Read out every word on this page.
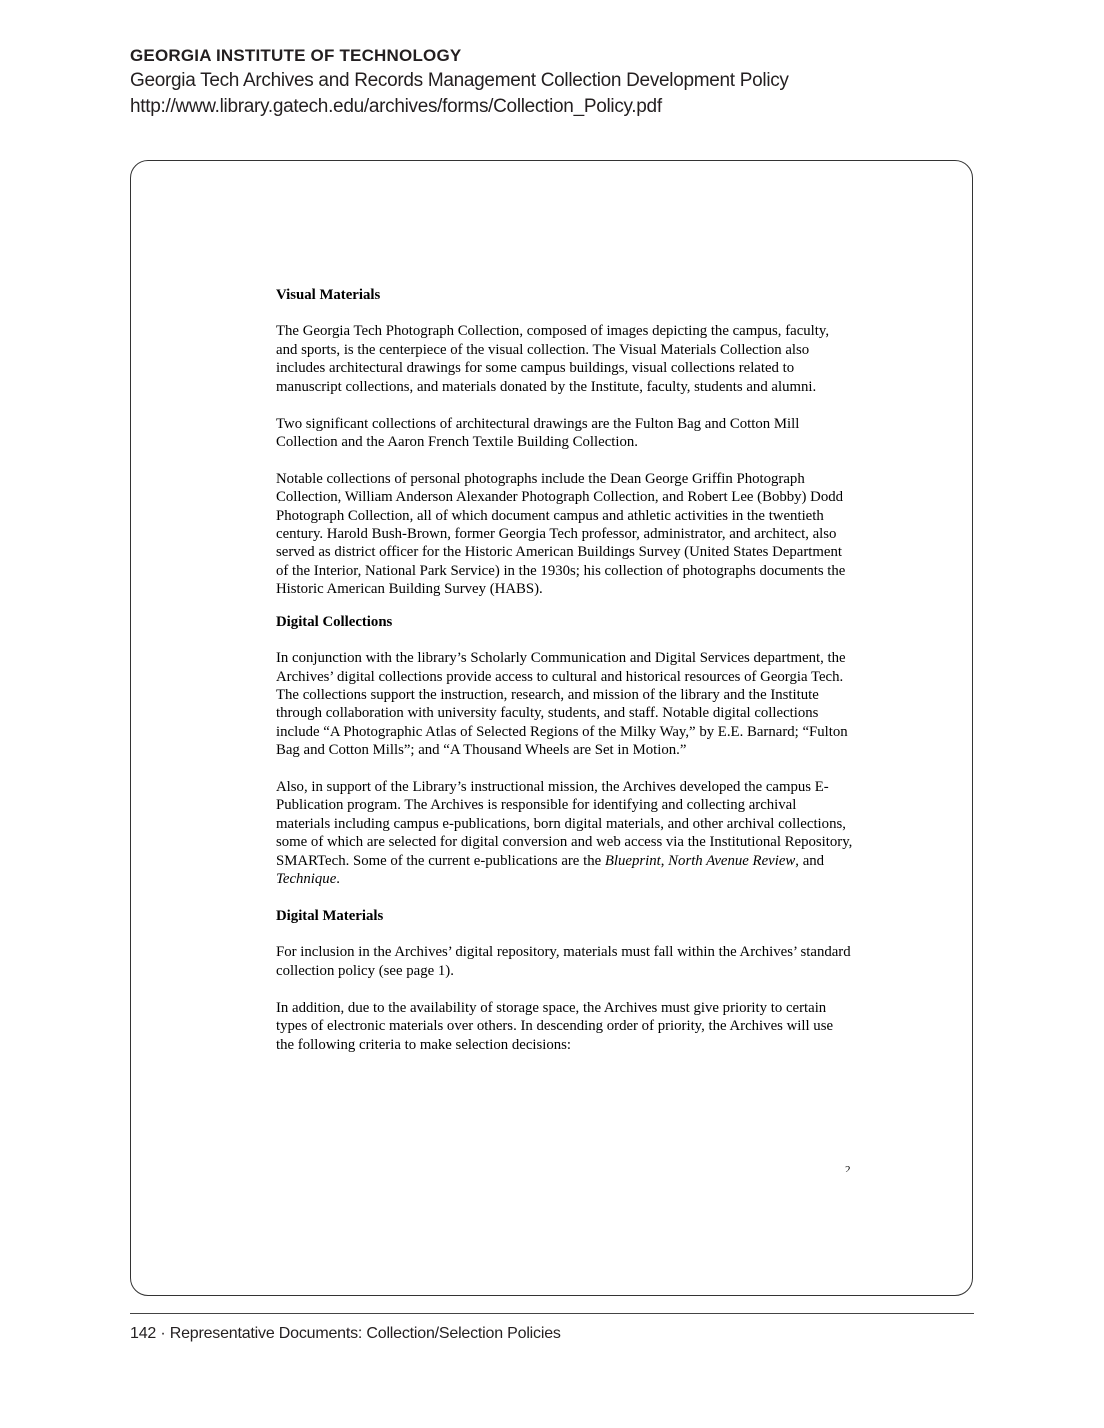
GEORGIA INSTITUTE OF TECHNOLOGY
Georgia Tech Archives and Records Management Collection Development Policy
http://www.library.gatech.edu/archives/forms/Collection_Policy.pdf
Visual Materials

The Georgia Tech Photograph Collection, composed of images depicting the campus, faculty, and sports, is the centerpiece of the visual collection. The Visual Materials Collection also includes architectural drawings for some campus buildings, visual collections related to manuscript collections, and materials donated by the Institute, faculty, students and alumni.

Two significant collections of architectural drawings are the Fulton Bag and Cotton Mill Collection and the Aaron French Textile Building Collection.

Notable collections of personal photographs include the Dean George Griffin Photograph Collection, William Anderson Alexander Photograph Collection, and Robert Lee (Bobby) Dodd Photograph Collection, all of which document campus and athletic activities in the twentieth century. Harold Bush-Brown, former Georgia Tech professor, administrator, and architect, also served as district officer for the Historic American Buildings Survey (United States Department of the Interior, National Park Service) in the 1930s; his collection of photographs documents the Historic American Building Survey (HABS).

Digital Collections

In conjunction with the library’s Scholarly Communication and Digital Services department, the Archives’ digital collections provide access to cultural and historical resources of Georgia Tech. The collections support the instruction, research, and mission of the library and the Institute through collaboration with university faculty, students, and staff. Notable digital collections include “A Photographic Atlas of Selected Regions of the Milky Way,” by E.E. Barnard; “Fulton Bag and Cotton Mills”; and “A Thousand Wheels are Set in Motion.”

Also, in support of the Library’s instructional mission, the Archives developed the campus E-Publication program. The Archives is responsible for identifying and collecting archival materials including campus e-publications, born digital materials, and other archival collections, some of which are selected for digital conversion and web access via the Institutional Repository, SMARTech. Some of the current e-publications are the Blueprint, North Avenue Review, and Technique.

Digital Materials

For inclusion in the Archives’ digital repository, materials must fall within the Archives’ standard collection policy (see page 1).

In addition, due to the availability of storage space, the Archives must give priority to certain types of electronic materials over others. In descending order of priority, the Archives will use the following criteria to make selection decisions:

2
142 · Representative Documents: Collection/Selection Policies
